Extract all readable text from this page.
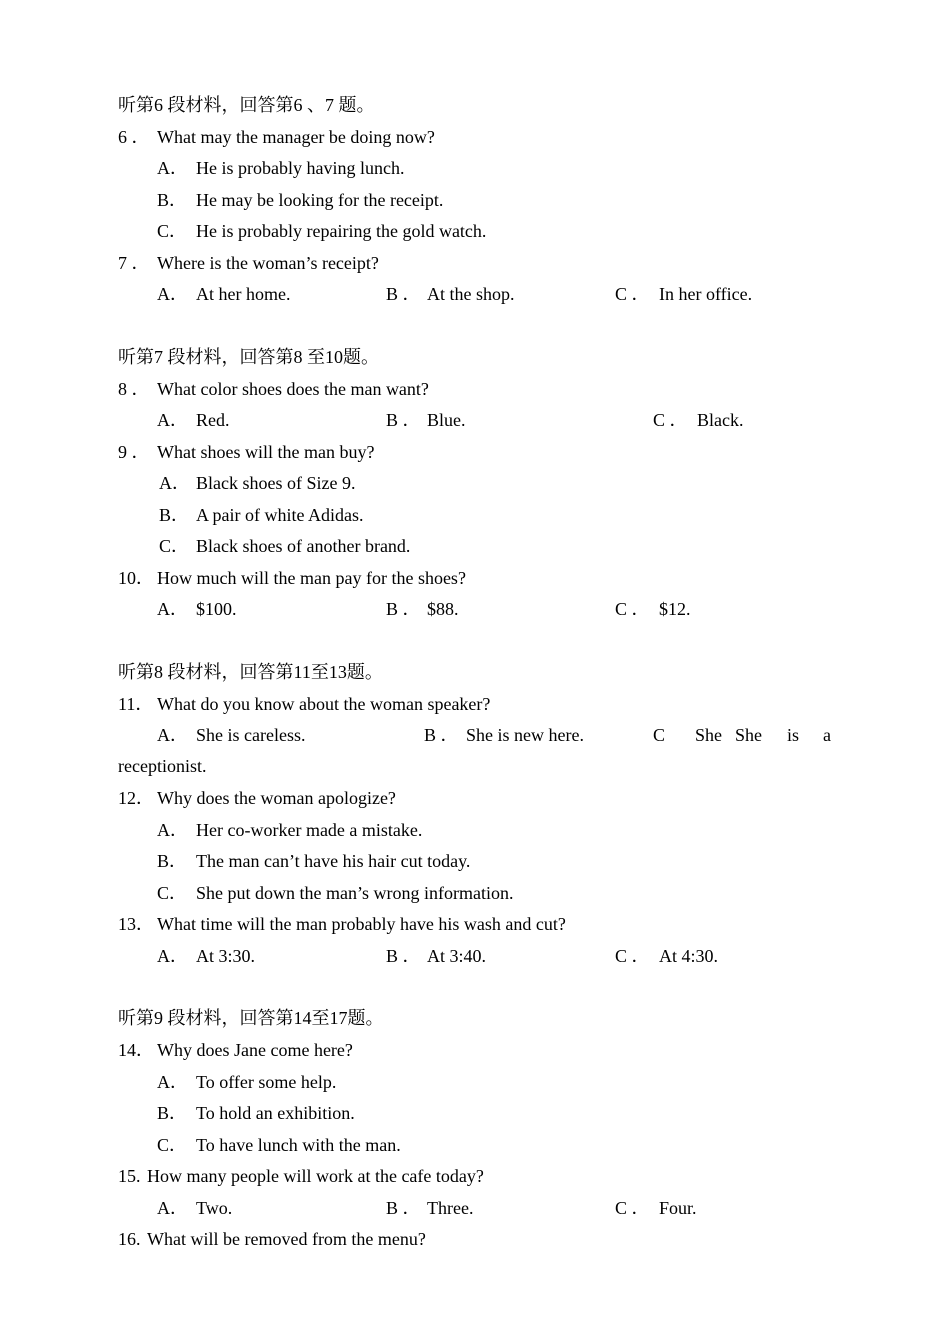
听第6 段材料，回答第6 、7 题。
6 ． What may the manager be doing now?
A． He is probably having lunch.
B． He may be looking for the receipt.
C． He is probably repairing the gold watch.
7 ． Where is the woman’s receipt?
A． At her home.	B ． At the shop.	C ． In her office.
听第7 段材料，回答第8 至10题。
8 ． What color shoes does the man want?
A． Red.	B ． Blue.	C ． Black.
9 ． What shoes will the man buy?
A． Black shoes of Size 9.
B． A pair of white Adidas.
C． Black shoes of another brand.
10． How much will the man pay for the shoes?
A． $100.	B ． $88.	C ． $12.
听第8 段材料，回答第11至13题。
11． What do you know about the woman speaker?
A． She is careless.	B ． She is new here.	C She She is a
receptionist.
12． Why does the woman apologize?
A． Her co-worker made a mistake.
B． The man can’t have his hair cut today.
C． She put down the man’s wrong information.
13． What time will the man probably have his wash and cut?
A． At 3:30.	B ． At 3:40.	C ． At 4:30.
听第9 段材料，回答第14至17题。
14． Why does Jane come here?
A． To offer some help.
B． To hold an exhibition.
C． To have lunch with the man.
15. How many people will work at the cafe today?
A． Two.	B ． Three.	C ． Four.
16. What will be removed from the menu?
